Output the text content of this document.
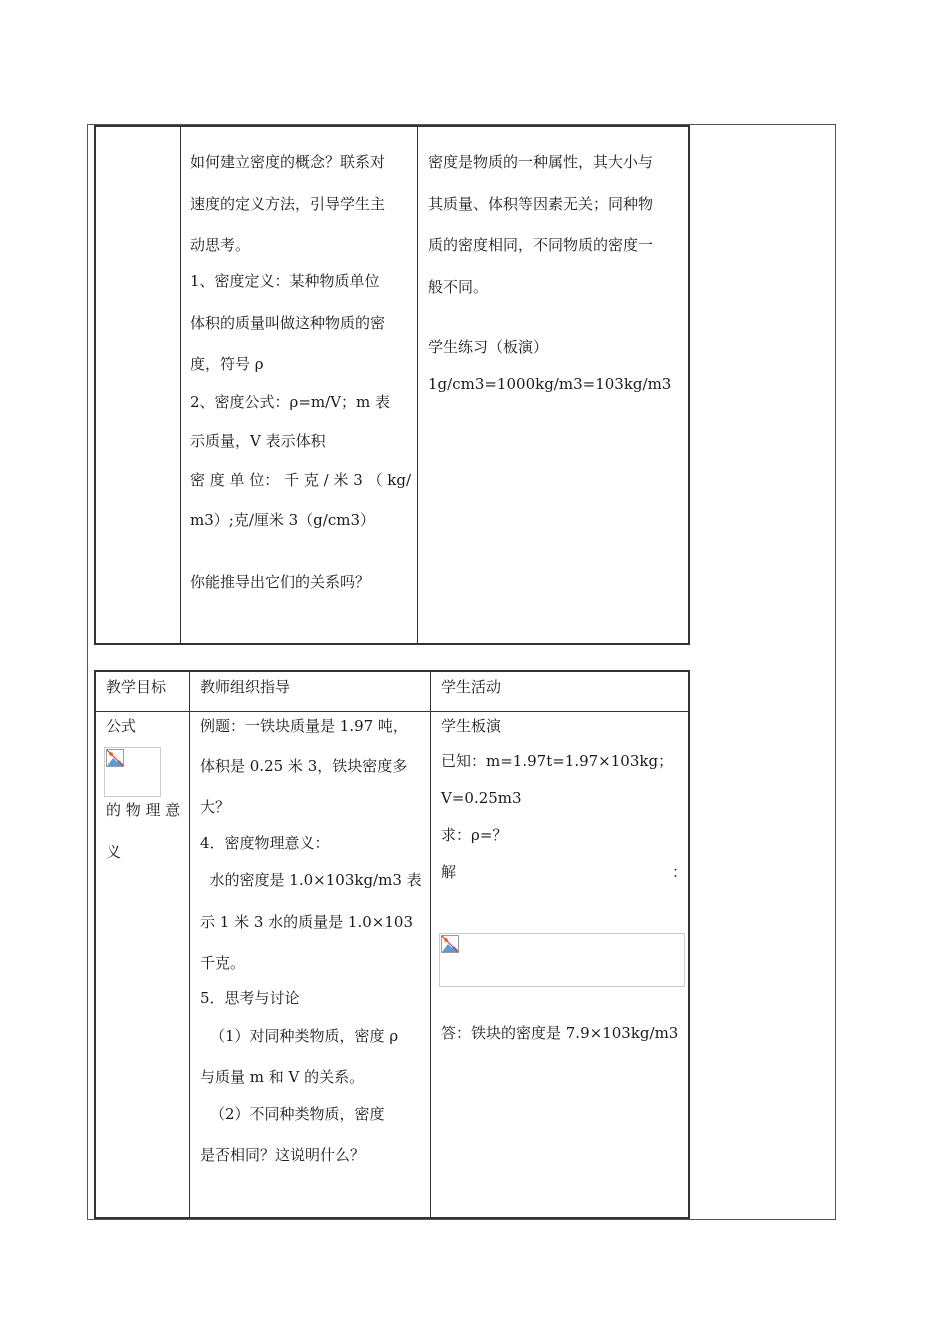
如何建立密度的概念？联系对
速度的定义方法，引导学生主
动思考。
1、密度定义：某种物质单位
体积的质量叫做这种物质的密
度，符号 ρ
2、密度公式：ρ=m/V；m 表
示质量，V 表示体积
密 度 单 位： 千 克 / 米 3 （ kg/
m3）;克/厘米 3（g/cm3）
你能推导出它们的关系吗？
密度是物质的一种属性，其大小与
其质量、体积等因素无关；同种物
质的密度相同，不同物质的密度一
般不同。
学生练习（板演）
1g/cm3=1000kg/m3=103kg/m3
教学目标 教师组织指导	学生活动
公式
的 物 理 意
义
例题：一铁块质量是 1.97 吨，
体积是 0.25 米 3，铁块密度多
大？
4．密度物理意义：
水的密度是 1.0×103kg/m3 表
示 1 米 3 水的质量是 1.0×103
千克。
5．思考与讨论
（1）对同种类物质，密度 ρ
与质量 m 和 V 的关系。
（2）不同种类物质，密度
是否相同？这说明什么？
学生板演
已知：m=1.97t=1.97×103kg；
V=0.25m3
求：ρ=？
解	：
答：铁块的密度是 7.9×103kg/m3
